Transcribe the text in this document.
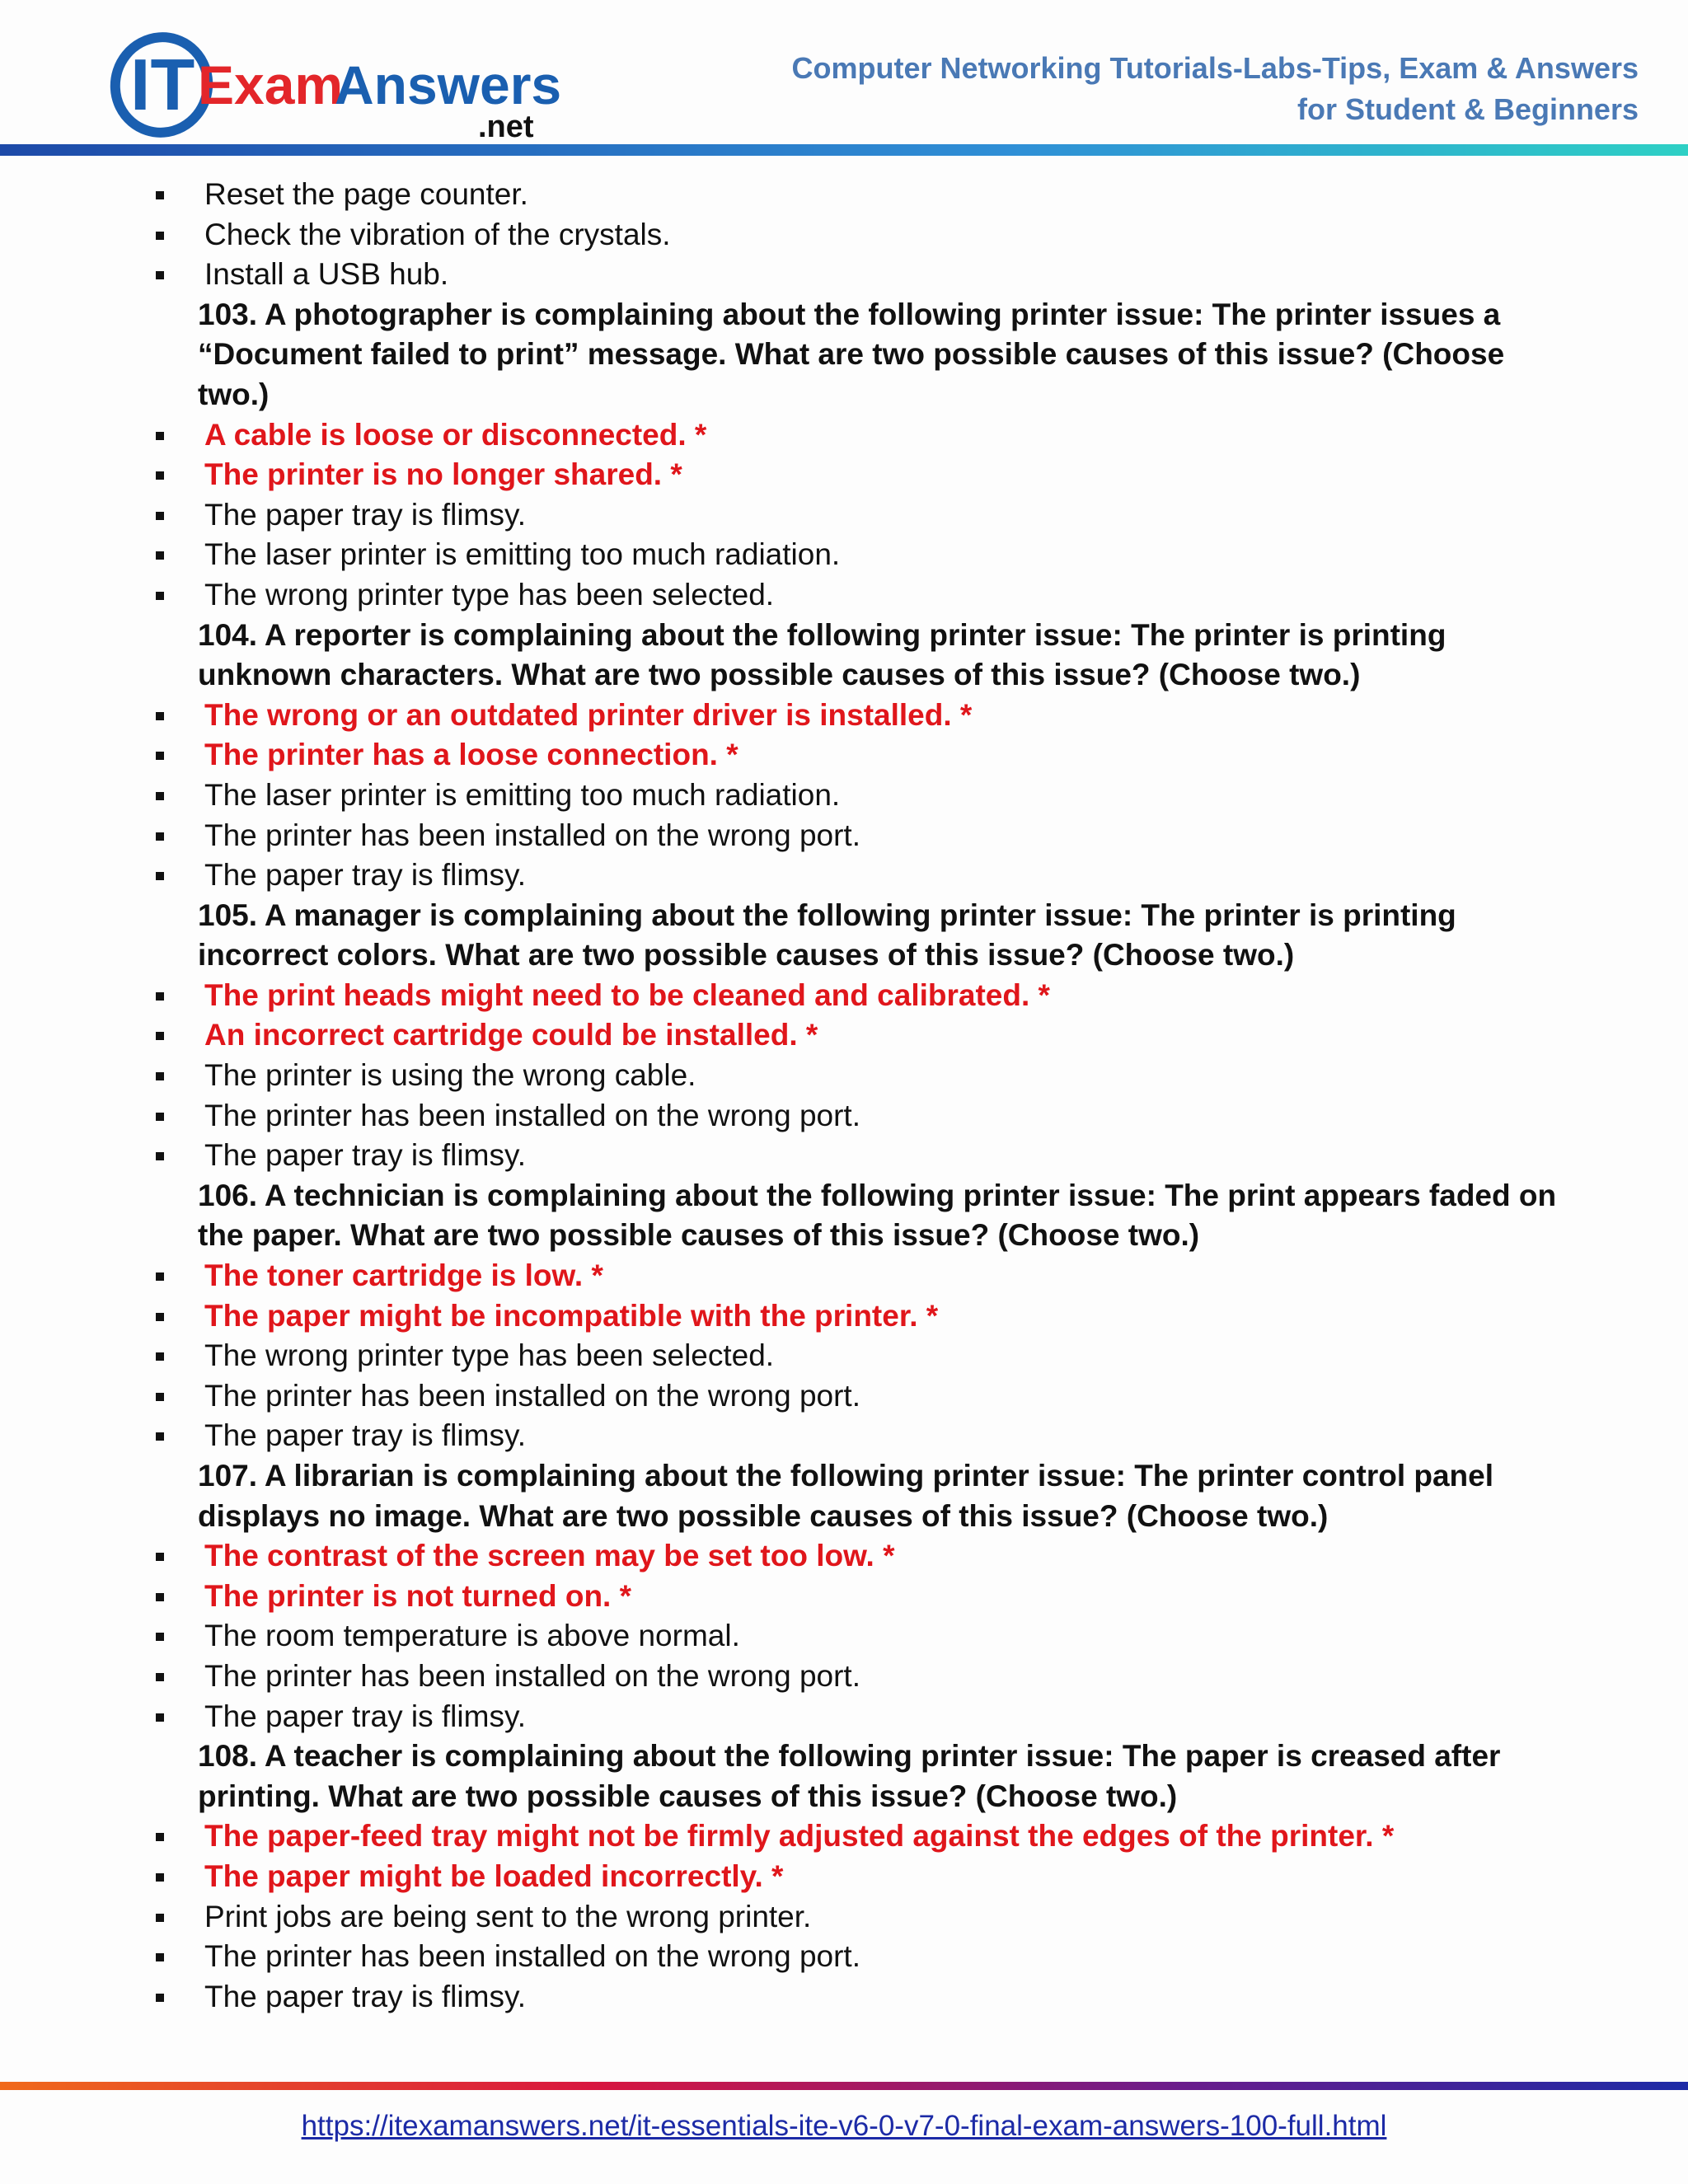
IT Exam
Answers
.net
Computer Networking Tutorials-Labs-Tips, Exam & Answers
for Student & Beginners
Reset the page counter.
Check the vibration of the crystals.
Install a USB hub.
103. A photographer is complaining about the following printer issue: The printer issues a
“Document failed to print” message. What are two possible causes of this issue? (Choose
two.)
A cable is loose or disconnected. *
The printer is no longer shared. *
The paper tray is flimsy.
The laser printer is emitting too much radiation.
The wrong printer type has been selected.
104. A reporter is complaining about the following printer issue: The printer is printing
unknown characters. What are two possible causes of this issue? (Choose two.)
The wrong or an outdated printer driver is installed. *
The printer has a loose connection. *
The laser printer is emitting too much radiation.
The printer has been installed on the wrong port.
The paper tray is flimsy.
105. A manager is complaining about the following printer issue: The printer is printing
incorrect colors. What are two possible causes of this issue? (Choose two.)
The print heads might need to be cleaned and calibrated. *
An incorrect cartridge could be installed. *
The printer is using the wrong cable.
The printer has been installed on the wrong port.
The paper tray is flimsy.
106. A technician is complaining about the following printer issue: The print appears faded on
the paper. What are two possible causes of this issue? (Choose two.)
The toner cartridge is low. *
The paper might be incompatible with the printer. *
The wrong printer type has been selected.
The printer has been installed on the wrong port.
The paper tray is flimsy.
107. A librarian is complaining about the following printer issue: The printer control panel
displays no image. What are two possible causes of this issue? (Choose two.)
The contrast of the screen may be set too low. *
The printer is not turned on. *
The room temperature is above normal.
The printer has been installed on the wrong port.
The paper tray is flimsy.
108. A teacher is complaining about the following printer issue: The paper is creased after
printing. What are two possible causes of this issue? (Choose two.)
The paper-feed tray might not be firmly adjusted against the edges of the printer. *
The paper might be loaded incorrectly. *
Print jobs are being sent to the wrong printer.
The printer has been installed on the wrong port.
The paper tray is flimsy.
https://itexamanswers.net/it-essentials-ite-v6-0-v7-0-final-exam-answers-100-full.html
